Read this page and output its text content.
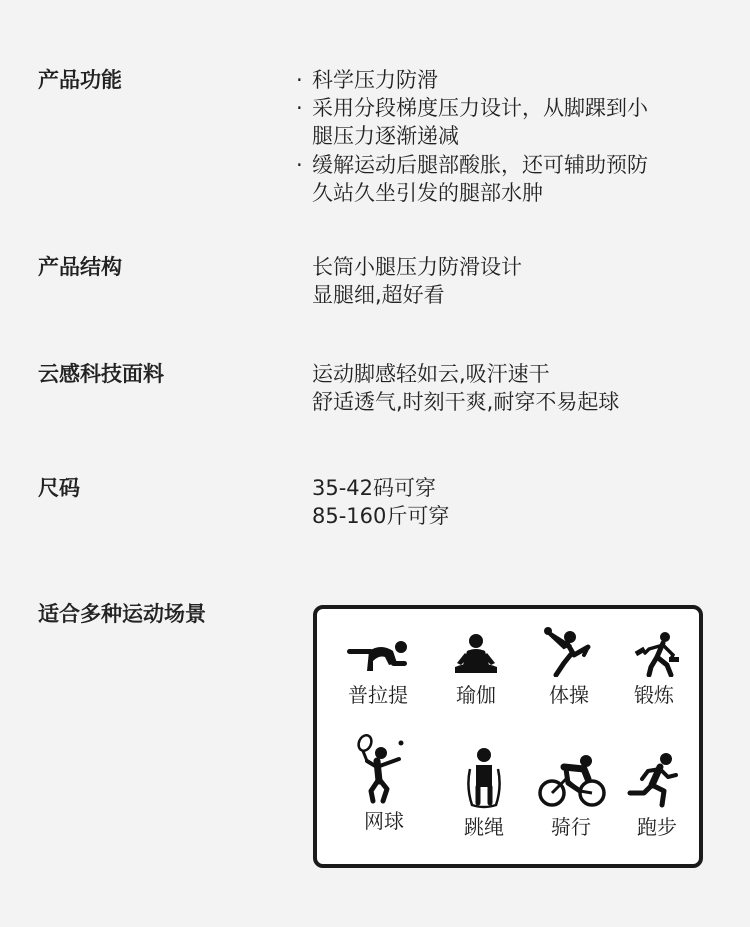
产品功能	· 科学压力防滑
· 采用分段梯度压力设计，从脚踝到小
腿压力逐渐递减
· 缓解运动后腿部酸胀，还可辅助预防
久站久坐引发的腿部水肿
产品结构	长筒小腿压力防滑设计
显腿细,超好看
云感科技面料	运动脚感轻如云,吸汗速干
舒适透气,时刻干爽,耐穿不易起球
尺码	35-42码可穿
85-160斤可穿
适合多种运动场景
普拉提	瑜伽	体操	锻炼
网球	跳绳	骑行	跑步
